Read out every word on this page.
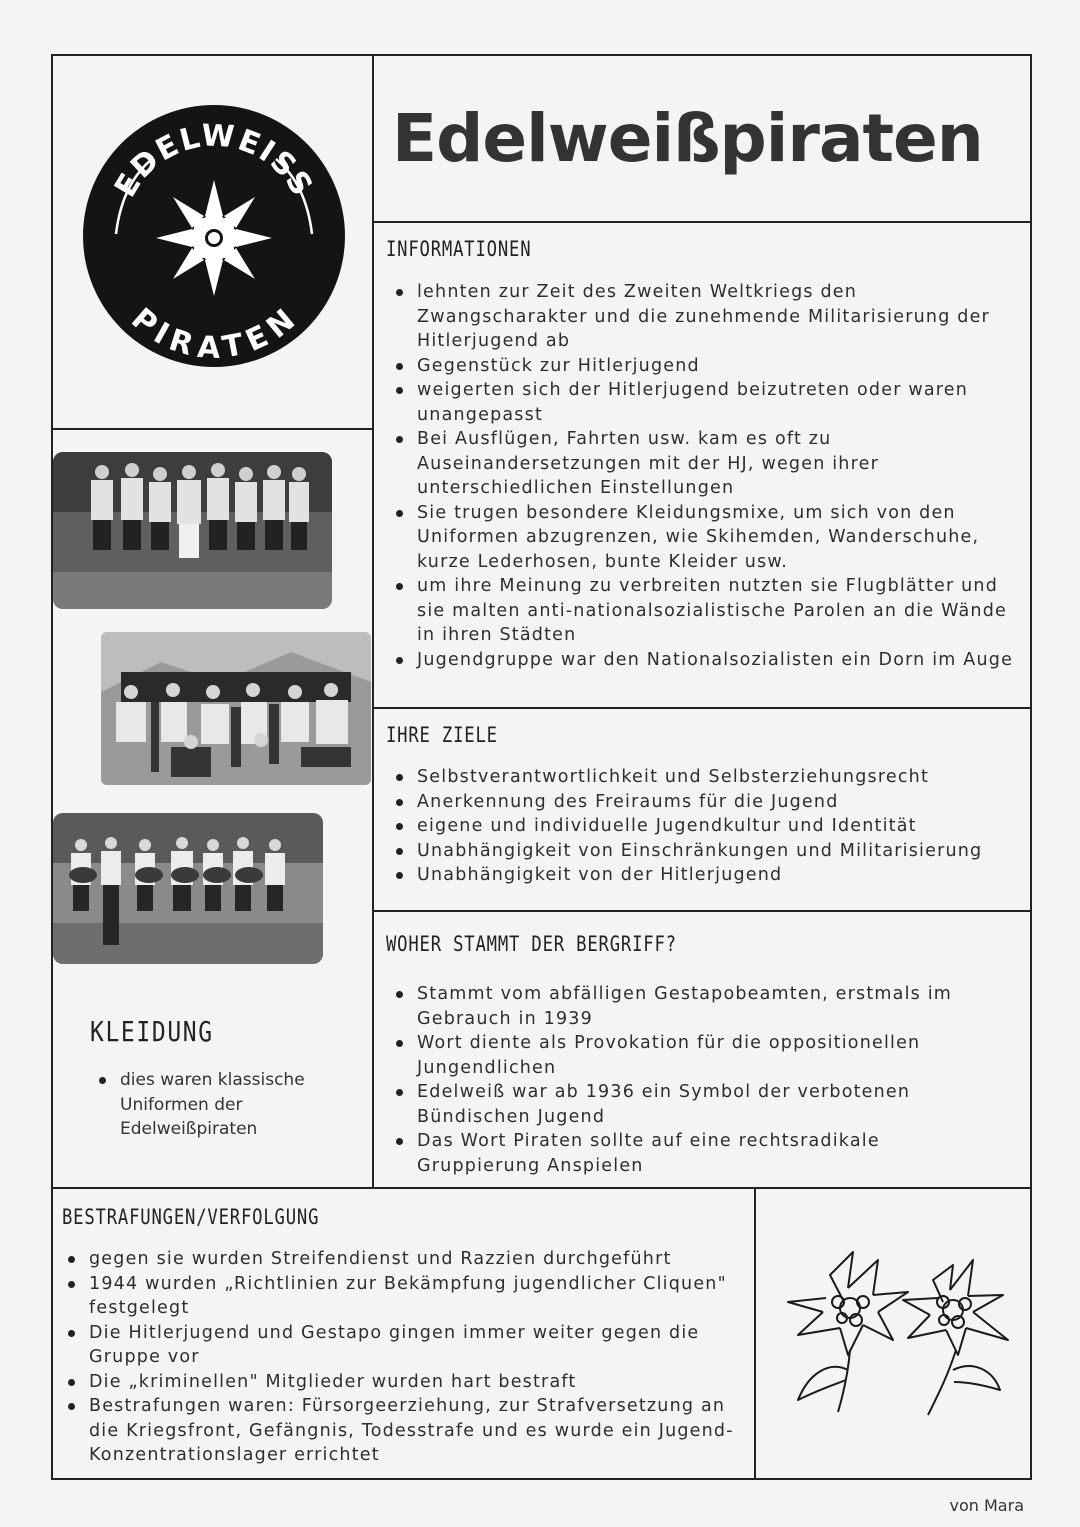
EDELWEISS
PIRATEN
Edelweißpiraten
INFORMATIONEN
lehnten zur Zeit des Zweiten Weltkriegs den Zwangscharakter und die zunehmende Militarisierung der Hitlerjugend ab
Gegenstück zur Hitlerjugend
weigerten sich der Hitlerjugend beizutreten oder waren unangepasst
Bei Ausflügen, Fahrten usw. kam es oft zu Auseinandersetzungen mit der HJ, wegen ihrer unterschiedlichen Einstellungen
Sie trugen besondere Kleidungsmixe, um sich von den Uniformen abzugrenzen, wie Skihemden, Wanderschuhe, kurze Lederhosen, bunte Kleider usw.
um ihre Meinung zu verbreiten nutzten sie Flugblätter und sie malten anti-nationalsozialistische Parolen an die Wände in ihren Städten
Jugendgruppe war den Nationalsozialisten ein Dorn im Auge
IHRE ZIELE
Selbstverantwortlichkeit und Selbsterziehungsrecht
Anerkennung des Freiraums für die Jugend
eigene und individuelle Jugendkultur und Identität
Unabhängigkeit von Einschränkungen und Militarisierung
Unabhängigkeit von der Hitlerjugend
WOHER STAMMT DER BERGRIFF?
Stammt vom abfälligen Gestapobeamten, erstmals im Gebrauch in 1939
Wort diente als Provokation für die oppositionellen Jungendlichen
Edelweiß war ab 1936 ein Symbol der verbotenen Bündischen Jugend
Das Wort Piraten sollte auf eine rechtsradikale Gruppierung Anspielen
KLEIDUNG
dies waren klassische Uniformen der Edelweißpiraten
BESTRAFUNGEN/VERFOLGUNG
gegen sie wurden Streifendienst und Razzien durchgeführt
1944 wurden „Richtlinien zur Bekämpfung jugendlicher Cliquen" festgelegt
Die Hitlerjugend und Gestapo gingen immer weiter gegen die Gruppe vor
Die „kriminellen" Mitglieder wurden hart bestraft
Bestrafungen waren: Fürsorgeerziehung, zur Strafversetzung an die Kriegsfront, Gefängnis, Todesstrafe und es wurde ein Jugend-Konzentrationslager errichtet
von Mara
